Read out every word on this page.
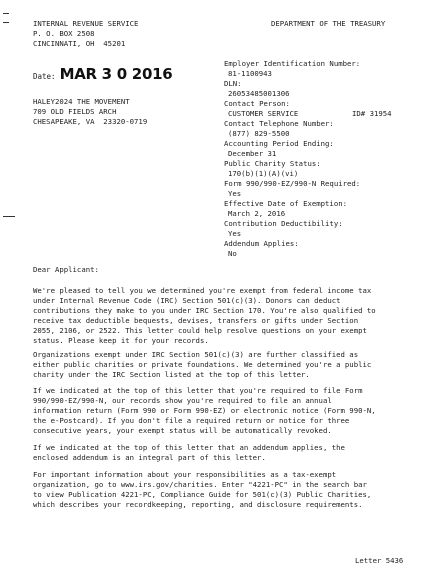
INTERNAL REVENUE SERVICE
P. O. BOX 2508
CINCINNATI, OH  45201
DEPARTMENT OF THE TREASURY
Date: MAR 3 0 2016
HALEY2024 THE MOVEMENT
709 OLD FIELDS ARCH
CHESAPEAKE, VA  23320-0719
Employer Identification Number:
81-1100943
DLN:
26053485001306
Contact Person:
CUSTOMER SERVICE	ID# 31954
Contact Telephone Number:
(877) 829-5500
Accounting Period Ending:
December 31
Public Charity Status:
170(b)(1)(A)(vi)
Form 990/990-EZ/990-N Required:
Yes
Effective Date of Exemption:
March 2, 2016
Contribution Deductibility:
Yes
Addendum Applies:
No
Dear Applicant:
We're pleased to tell you we determined you're exempt from federal income tax
under Internal Revenue Code (IRC) Section 501(c)(3). Donors can deduct
contributions they make to you under IRC Section 170. You're also qualified to
receive tax deductible bequests, devises, transfers or gifts under Section
2055, 2106, or 2522. This letter could help resolve questions on your exempt
status. Please keep it for your records.
Organizations exempt under IRC Section 501(c)(3) are further classified as
either public charities or private foundations. We determined you're a public
charity under the IRC Section listed at the top of this letter.
If we indicated at the top of this letter that you're required to file Form
990/990-EZ/990-N, our records show you're required to file an annual
information return (Form 990 or Form 990-EZ) or electronic notice (Form 990-N,
the e-Postcard). If you don't file a required return or notice for three
consecutive years, your exempt status will be automatically revoked.
If we indicated at the top of this letter that an addendum applies, the
enclosed addendum is an integral part of this letter.
For important information about your responsibilities as a tax-exempt
organization, go to www.irs.gov/charities. Enter "4221-PC" in the search bar
to view Publication 4221-PC, Compliance Guide for 501(c)(3) Public Charities,
which describes your recordkeeping, reporting, and disclosure requirements.
Letter 5436
